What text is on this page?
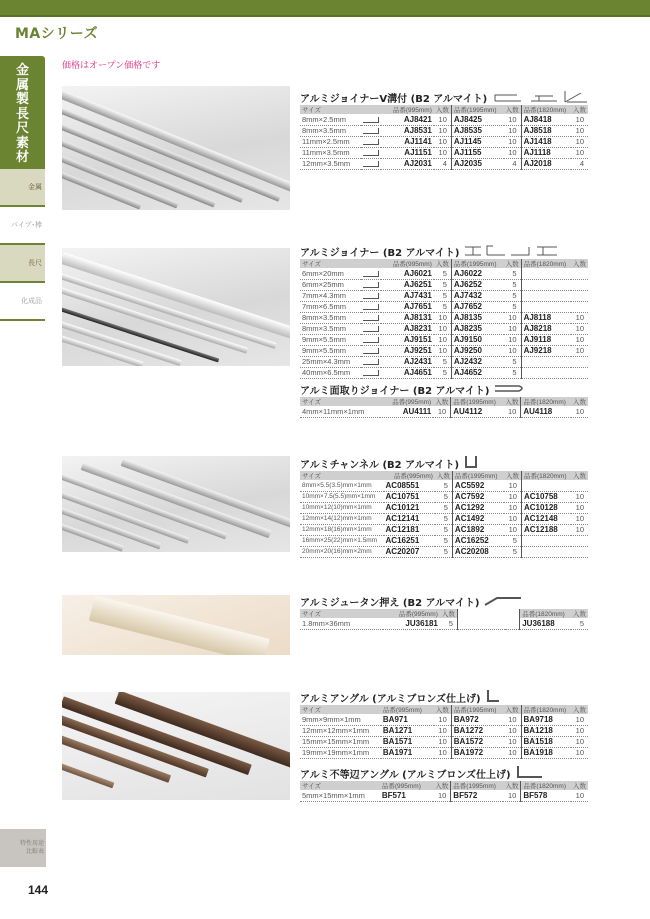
MAシリーズ
金
属
製
長
尺
素
材
金属
パイプ･棒
長尺
化成品
特性用途
比較表
144
価格はオープン価格です
アルミジョイナーV溝付 (B2 アルマイト)
サイズ		品番(995mm)	入数	品番(1995mm)	入数	品番(1820mm)	入数
8mm×2.5mm		AJ8421	10	AJ8425	10	AJ8418	10
8mm×3.5mm		AJ8531	10	AJ8535	10	AJ8518	10
11mm×2.5mm		AJ1141	10	AJ1145	10	AJ1418	10
11mm×3.5mm		AJ1151	10	AJ1155	10	AJ1118	10
12mm×3.5mm		AJ2031	4	AJ2035	4	AJ2018	4
アルミジョイナー (B2 アルマイト)
サイズ		品番(995mm)	入数	品番(1995mm)	入数	品番(1820mm)	入数
6mm×20mm		AJ6021	5	AJ6022	5		
6mm×25mm		AJ6251	5	AJ6252	5		
7mm×4.3mm		AJ7431	5	AJ7432	5		
7mm×6.5mm		AJ7651	5	AJ7652	5		
8mm×3.5mm		AJ8131	10	AJ8135	10	AJ8118	10
8mm×3.5mm		AJ8231	10	AJ8235	10	AJ8218	10
9mm×5.5mm		AJ9151	10	AJ9150	10	AJ9118	10
9mm×5.5mm		AJ9251	10	AJ9250	10	AJ9218	10
25mm×4.3mm		AJ2431	5	AJ2432	5		
40mm×6.5mm		AJ4651	5	AJ4652	5		
アルミ面取りジョイナー (B2 アルマイト)
サイズ	品番(995mm)	入数	品番(1995mm)	入数	品番(1820mm)	入数
4mm×11mm×1mm	AU4111	10	AU4112	10	AU4118	10
アルミチャンネル (B2 アルマイト)
サイズ	品番(995mm)	入数	品番(1995mm)	入数	品番(1820mm)	入数
8mm×5.5(3.5)mm×1mm	AC08551	5	AC5592	10		
10mm×7.5(5.5)mm×1mm	AC10751	5	AC7592	10	AC10758	10
10mm×12(10)mm×1mm	AC10121	5	AC1292	10	AC10128	10
12mm×14(12)mm×1mm	AC12141	5	AC1492	10	AC12148	10
12mm×18(16)mm×1mm	AC12181	5	AC1892	10	AC12188	10
16mm×25(22)mm×1.5mm	AC16251	5	AC16252	5		
20mm×20(16)mm×2mm	AC20207	5	AC20208	5		
アルミジュータン押え (B2 アルマイト)
サイズ	品番(995mm)	入数			品番(1820mm)	入数
1.8mm×36mm	JU36181	5			JU36188	5
アルミアングル (アルミブロンズ仕上げ)
サイズ	品番(995mm)	入数	品番(1995mm)	入数	品番(1820mm)	入数
9mm×9mm×1mm	BA971	10	BA972	10	BA9718	10
12mm×12mm×1mm	BA1271	10	BA1272	10	BA1218	10
15mm×15mm×1mm	BA1571	10	BA1572	10	BA1518	10
19mm×19mm×1mm	BA1971	10	BA1972	10	BA1918	10
アルミ不等辺アングル (アルミブロンズ仕上げ)
サイズ	品番(995mm)	入数	品番(1995mm)	入数	品番(1820mm)	入数
5mm×15mm×1mm	BF571	10	BF572	10	BF578	10
